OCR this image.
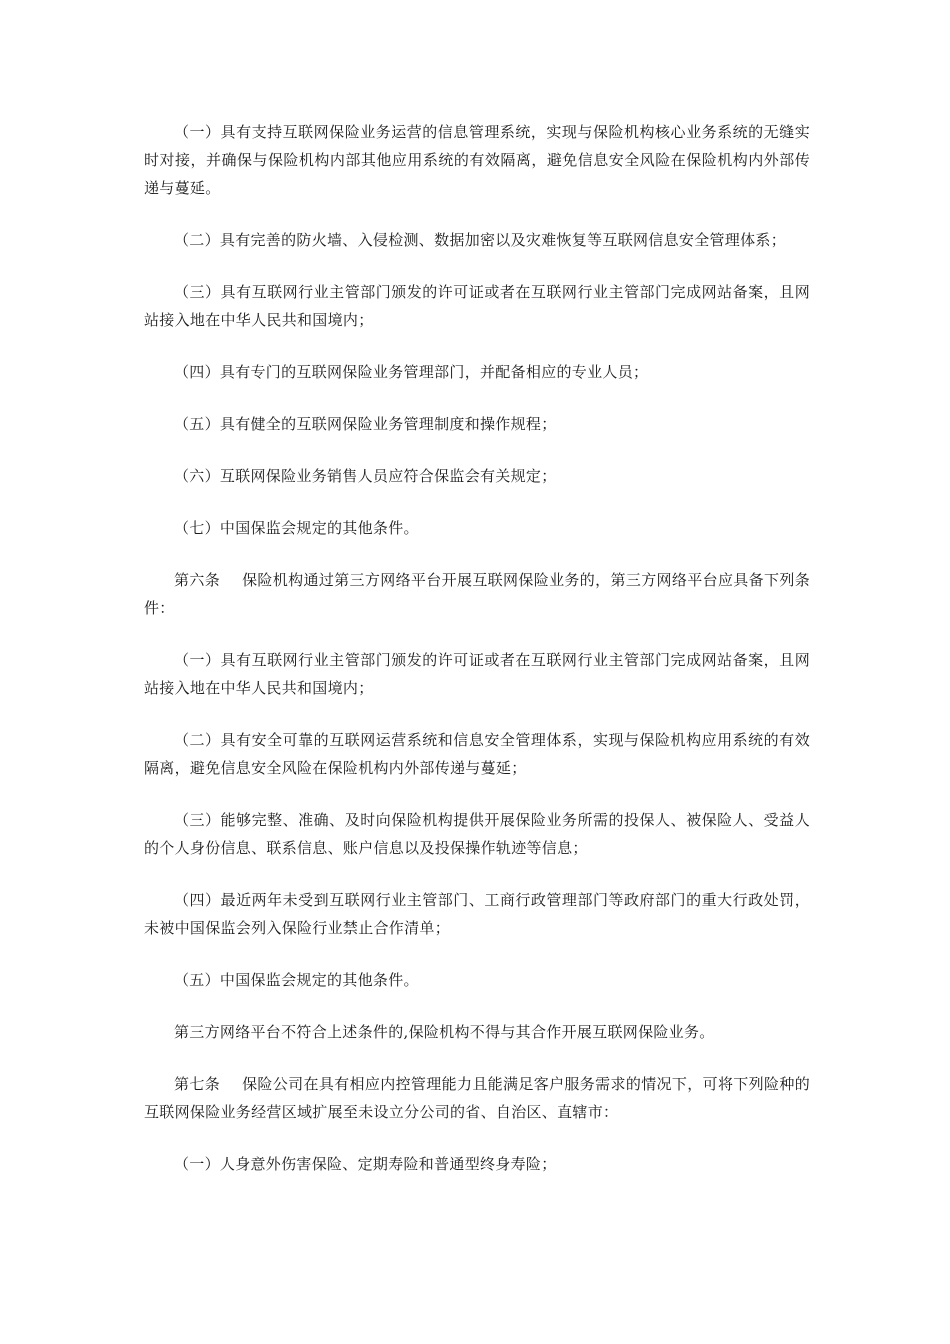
（一）具有支持互联网保险业务运营的信息管理系统，实现与保险机构核心业务系统的无缝实时对接，并确保与保险机构内部其他应用系统的有效隔离，避免信息安全风险在保险机构内外部传递与蔓延。

（二）具有完善的防火墙、入侵检测、数据加密以及灾难恢复等互联网信息安全管理体系；

（三）具有互联网行业主管部门颁发的许可证或者在互联网行业主管部门完成网站备案，且网站接入地在中华人民共和国境内；

（四）具有专门的互联网保险业务管理部门，并配备相应的专业人员；

（五）具有健全的互联网保险业务管理制度和操作规程；

（六）互联网保险业务销售人员应符合保监会有关规定；

（七）中国保监会规定的其他条件。

第六条 保险机构通过第三方网络平台开展互联网保险业务的，第三方网络平台应具备下列条件：

（一）具有互联网行业主管部门颁发的许可证或者在互联网行业主管部门完成网站备案，且网站接入地在中华人民共和国境内；

（二）具有安全可靠的互联网运营系统和信息安全管理体系，实现与保险机构应用系统的有效隔离，避免信息安全风险在保险机构内外部传递与蔓延；

（三）能够完整、准确、及时向保险机构提供开展保险业务所需的投保人、被保险人、受益人的个人身份信息、联系信息、账户信息以及投保操作轨迹等信息；

（四）最近两年未受到互联网行业主管部门、工商行政管理部门等政府部门的重大行政处罚，未被中国保监会列入保险行业禁止合作清单；

（五）中国保监会规定的其他条件。

第三方网络平台不符合上述条件的,保险机构不得与其合作开展互联网保险业务。

第七条 保险公司在具有相应内控管理能力且能满足客户服务需求的情况下，可将下列险种的互联网保险业务经营区域扩展至未设立分公司的省、自治区、直辖市：

（一）人身意外伤害保险、定期寿险和普通型终身寿险；
